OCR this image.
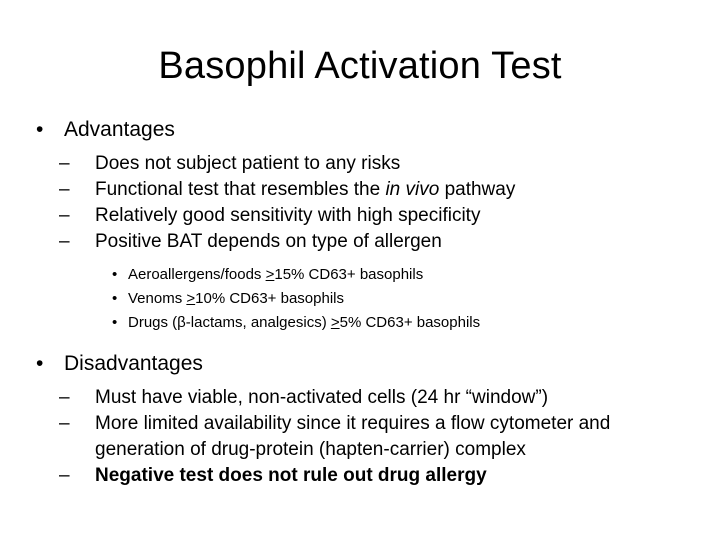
Basophil Activation Test
• Advantages
– Does not subject patient to any risks
– Functional test that resembles the in vivo pathway
– Relatively good sensitivity with high specificity
– Positive BAT depends on type of allergen
• Aeroallergens/foods ≥15% CD63+ basophils
• Venoms ≥10% CD63+ basophils
• Drugs (β-lactams, analgesics) ≥5% CD63+ basophils
• Disadvantages
– Must have viable, non-activated cells (24 hr “window”)
– More limited availability since it requires a flow cytometer and generation of drug-protein (hapten-carrier) complex
– Negative test does not rule out drug allergy
